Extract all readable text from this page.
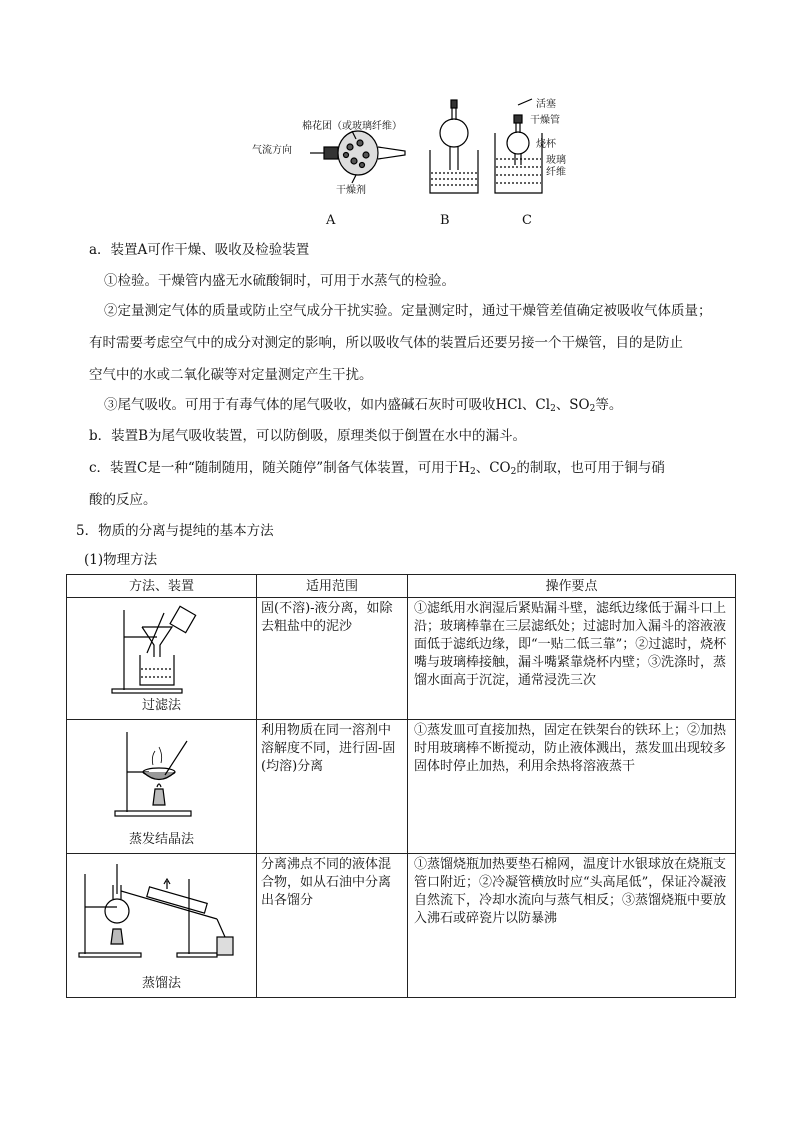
棉花团（或玻璃纤维）
气流方向
干燥剂
活塞
干燥管
烧杯
玻璃
纤维
A	B	C
a．装置A可作干燥、吸收及检验装置
①检验。干燥管内盛无水硫酸铜时，可用于水蒸气的检验。
②定量测定气体的质量或防止空气成分干扰实验。定量测定时，通过干燥管差值确定被吸收气体质量；
有时需要考虑空气中的成分对测定的影响，所以吸收气体的装置后还要另接一个干燥管，目的是防止
空气中的水或二氧化碳等对定量测定产生干扰。
③尾气吸收。可用于有毒气体的尾气吸收，如内盛碱石灰时可吸收HCl、$Cl_2$、$SO_2$等。
b．装置B为尾气吸收装置，可以防倒吸，原理类似于倒置在水中的漏斗。
c．装置C是一种“随制随用，随关随停”制备气体装置，可用于$H_2$、$CO_2$的制取，也可用于铜与硝
酸的反应。
5．物质的分离与提纯的基本方法
(1)物理方法
方法、装置	适用范围	操作要点

过滤法	固(不溶)-液分离，如除去粗盐中的泥沙	①滤纸用水润湿后紧贴漏斗壁，滤纸边缘低于漏斗口上沿；玻璃棒靠在三层滤纸处；过滤时加入漏斗的溶液液面低于滤纸边缘，即“一贴二低三靠”；②过滤时，烧杯嘴与玻璃棒接触，漏斗嘴紧靠烧杯内壁；③洗涤时，蒸馏水面高于沉淀，通常浸洗三次

蒸发结晶法	利用物质在同一溶剂中溶解度不同，进行固-固(均溶)分离	①蒸发皿可直接加热，固定在铁架台的铁环上；②加热时用玻璃棒不断搅动，防止液体溅出，蒸发皿出现较多固体时停止加热，利用余热将溶液蒸干

蒸馏法	分离沸点不同的液体混合物，如从石油中分离出各馏分	①蒸馏烧瓶加热要垫石棉网，温度计水银球放在烧瓶支管口附近；②冷凝管横放时应“头高尾低”，保证冷凝液自然流下，冷却水流向与蒸气相反；③蒸馏烧瓶中要放入沸石或碎瓷片以防暴沸
